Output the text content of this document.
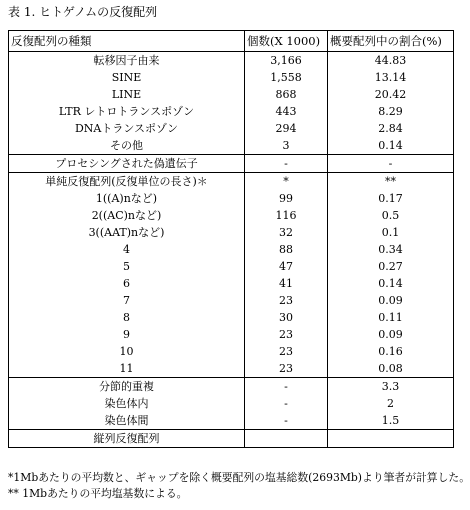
表 1. ヒトゲノムの反復配列
反復配列の種類	個数(X 1000)	概要配列中の割合(%)
転移因子由来	3,166	44.83
SINE	1,558	13.14
LINE	868	20.42
LTR レトロトランスポゾン	443	8.29
DNAトランスポゾン	294	2.84
その他	3	0.14
プロセシングされた偽遺伝子	-	-
単純反復配列(反復単位の長さ)＊	*	**
1((A)nなど)	99	0.17
2((AC)nなど)	116	0.5
3((AAT)nなど)	32	0.1
4	88	0.34
5	47	0.27
6	41	0.14
7	23	0.09
8	30	0.11
9	23	0.09
10	23	0.16
11	23	0.08
分節的重複	-	3.3
染色体内	-	2
染色体間	-	1.5
縦列反復配列		
*1Mbあたりの平均数と、ギャップを除く概要配列の塩基総数(2693Mb)より筆者が計算した。
** 1Mbあたりの平均塩基数による。
